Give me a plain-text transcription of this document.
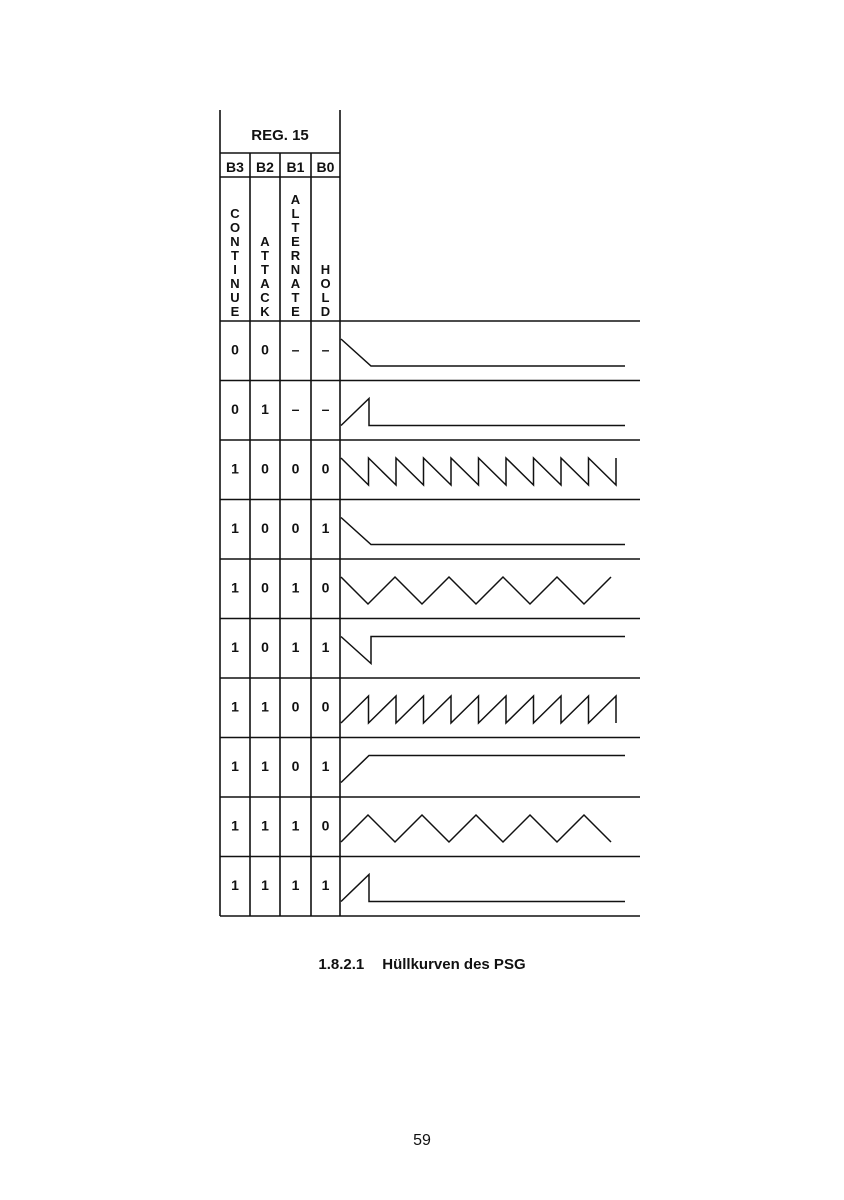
REG. 15
B3 B2 B1 B0
C
O
N
T
I
N
U
E
A
T
T
A
C
K
A
L
T
E
R
N
A
T
E
H
O
L
D
0 0 – –
0 1 – –
1 0 0 0
1 0 0 1
1 0 1 0
1 0 1 1
1 1 0 0
1 1 0 1
1 1 1 0
1 1 1 1
1.8.2.1 Hüllkurven des PSG
59
